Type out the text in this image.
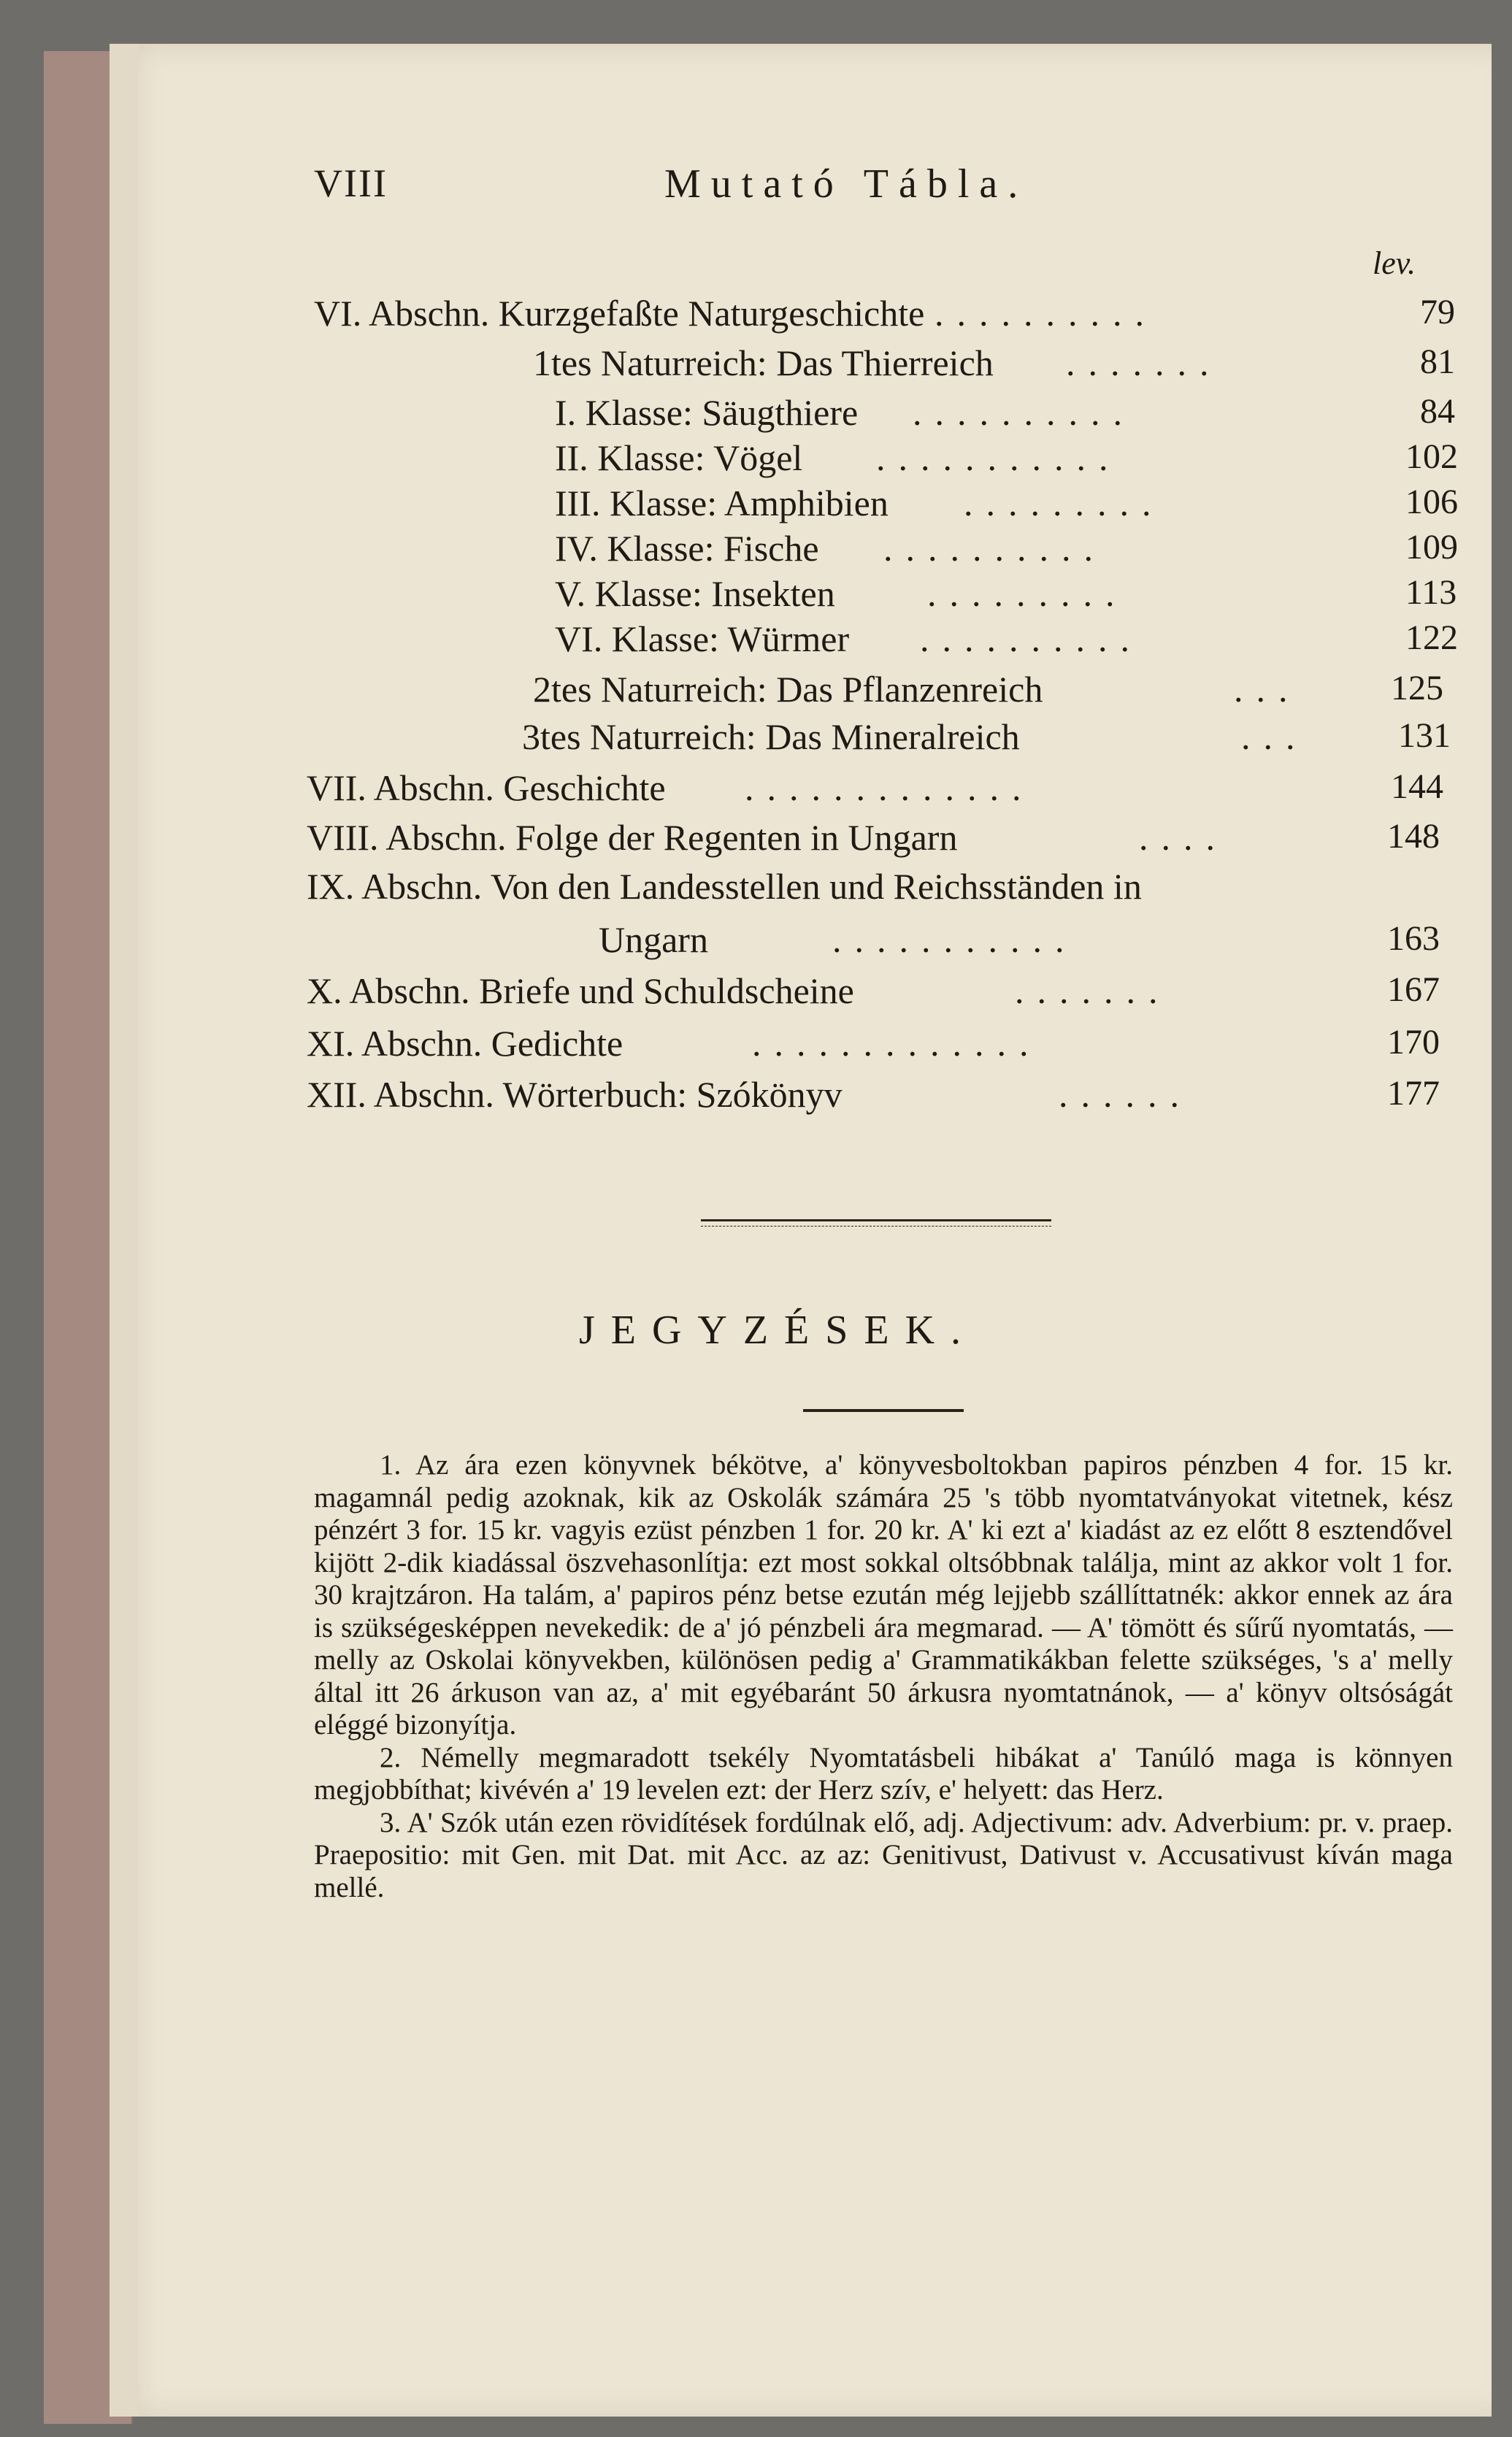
VIII	Mutató Tábla.
lev.
VI. Abschn. Kurzgefaßte Naturgeschichte ..........	79
1tes Naturreich: Das Thierreich .......	81
I. Klasse: Säugthiere ..........	84
II. Klasse: Vögel ...........	102
III. Klasse: Amphibien .........	106
IV. Klasse: Fische ..........	109
V. Klasse: Insekten	.........	113
VI. Klasse: Würmer ..........	122
2tes Naturreich: Das Pflanzenreich	...	125
3tes Naturreich: Das Mineralreich	...	131
VII. Abschn. Geschichte .............	144
VIII. Abschn. Folge der Regenten in Ungarn	....	148
IX. Abschn. Von den Landesstellen und Reichsständen in
Ungarn	...........	163
X. Abschn. Briefe und Schuldscheine	.......	167
XI. Abschn. Gedichte	.............	170
XII. Abschn. Wörterbuch: Szókönyv	......	177
JEGYZÉSEK.

1. Az ára ezen könyvnek békötve, a' könyvesboltokban papiros pénzben 4 for. 15 kr. magamnál pedig azoknak, kik az Oskolák számára 25 's több nyomtatványokat vitetnek, kész pénzért 3 for. 15 kr. vagyis ezüst pénzben 1 for. 20 kr. A' ki ezt a' kiadást az ez előtt 8 esztendővel kijött 2-dik kiadással öszvehasonlítja: ezt most sokkal oltsóbbnak találja, mint az akkor volt 1 for. 30 krajtzáron. Ha talám, a' papiros pénz betse ezután még lejjebb szállíttatnék: akkor ennek az ára is szükségesképpen nevekedik: de a' jó pénzbeli ára megmarad. — A' tömött és sűrű nyomtatás, — melly az Oskolai könyvekben, különösen pedig a' Grammatikákban felette szükséges, 's a' melly által itt 26 árkuson van az, a' mit egyébaránt 50 árkusra nyomtatnánok, — a' könyv oltsóságát eléggé bizonyítja.

2. Némelly megmaradott tsekély Nyomtatásbeli hibákat a' Tanúló maga is könnyen megjobbíthat; kivévén a' 19 levelen ezt: der Herz szív, e' helyett: das Herz.

3. A' Szók után ezen rövidítések fordúlnak elő, adj. Adjectivum: adv. Adverbium: pr. v. praep. Praepositio: mit Gen. mit Dat. mit Acc. az az: Genitivust, Dativust v. Accusativust kíván maga mellé.
